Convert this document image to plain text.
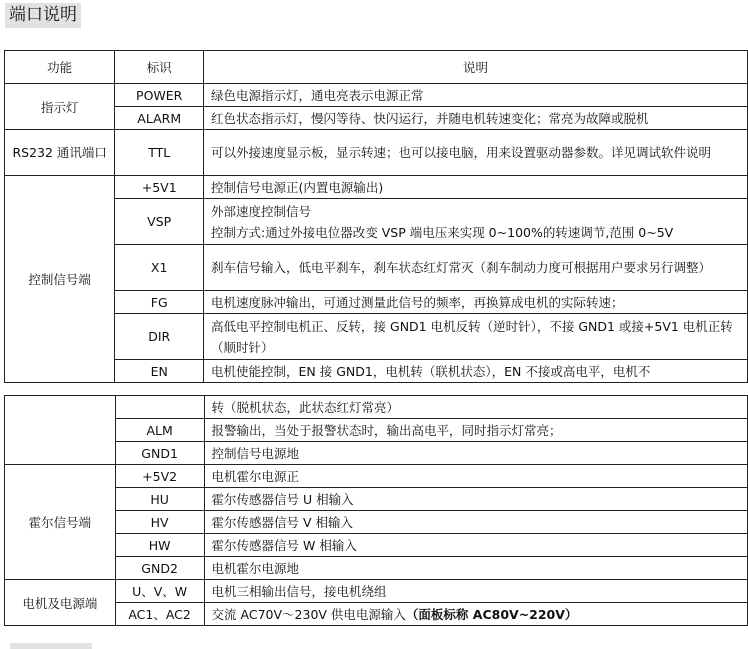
端口说明
功能	标识	说明
指示灯	POWER	绿色电源指示灯，通电亮表示电源正常
	ALARM	红色状态指示灯，慢闪等待、快闪运行，并随电机转速变化；常亮为故障或脱机
RS232 通讯端口	TTL	可以外接速度显示板，显示转速；也可以接电脑，用来设置驱动器参数。详见调试软件说明
控制信号端	+5V1	控制信号电源正(内置电源输出)
	VSP	外部速度控制信号
控制方式:通过外接电位器改变 VSP 端电压来实现 0~100%的转速调节,范围 0~5V

	X1	刹车信号输入，低电平刹车，刹车状态红灯常灭（刹车制动力度可根据用户要求另行调整）
	FG	电机速度脉冲输出，可通过测量此信号的频率，再换算成电机的实际转速；
	DIR	高低电平控制电机正、反转，接 GND1 电机反转（逆时针），不接 GND1 或接+5V1 电机正转（顺时针）
	EN	电机使能控制，EN 接 GND1，电机转（联机状态），EN 不接或高电平，电机不
		转（脱机状态，此状态红灯常亮）
	ALM	报警输出，当处于报警状态时，输出高电平，同时指示灯常亮；
	GND1	控制信号电源地
霍尔信号端	+5V2	电机霍尔电源正
	HU	霍尔传感器信号 U 相输入
	HV	霍尔传感器信号 V 相输入
	HW	霍尔传感器信号 W 相输入
	GND2	电机霍尔电源地
电机及电源端	U、V、W	电机三相输出信号，接电机绕组
	AC1、AC2	交流 AC70V～230V 供电电源输入（面板标称 AC80V~220V）
